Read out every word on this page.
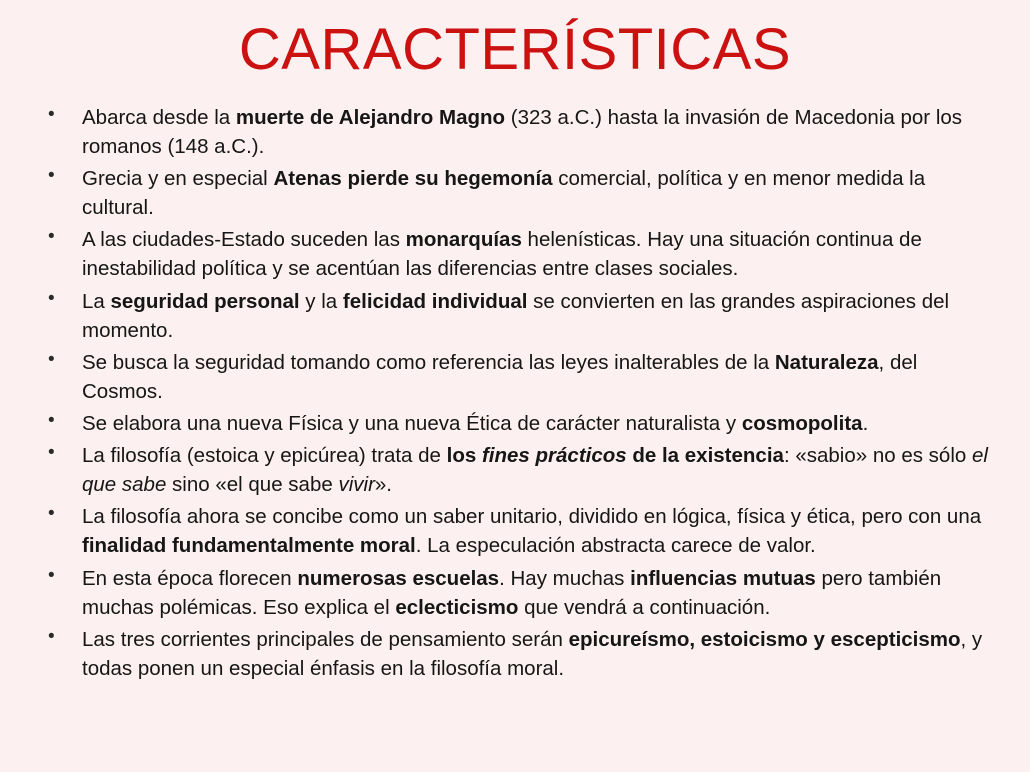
CARACTERÍSTICAS
• Abarca desde la muerte de Alejandro Magno (323 a.C.) hasta la invasión de Macedonia por los romanos (148 a.C.).
• Grecia y en especial Atenas pierde su hegemonía comercial, política y en menor medida la cultural.
• A las ciudades-Estado suceden las monarquías helenísticas. Hay una situación continua de inestabilidad política y se acentúan las diferencias entre clases sociales.
• La seguridad personal y la felicidad individual se convierten en las grandes aspiraciones del momento.
• Se busca la seguridad tomando como referencia las leyes inalterables de la Naturaleza, del Cosmos.
• Se elabora una nueva Física y una nueva Ética de carácter naturalista y cosmopolita.
• La filosofía (estoica y epicúrea) trata de los fines prácticos de la existencia: «sabio» no es sólo el que sabe sino «el que sabe vivir».
• La filosofía ahora se concibe como un saber unitario, dividido en lógica, física y ética, pero con una finalidad fundamentalmente moral. La especulación abstracta carece de valor.
• En esta época florecen numerosas escuelas. Hay muchas influencias mutuas pero también muchas polémicas. Eso explica el eclecticismo que vendrá a continuación.
• Las tres corrientes principales de pensamiento serán epicureísmo, estoicismo y escepticismo, y todas ponen un especial énfasis en la filosofía moral.
